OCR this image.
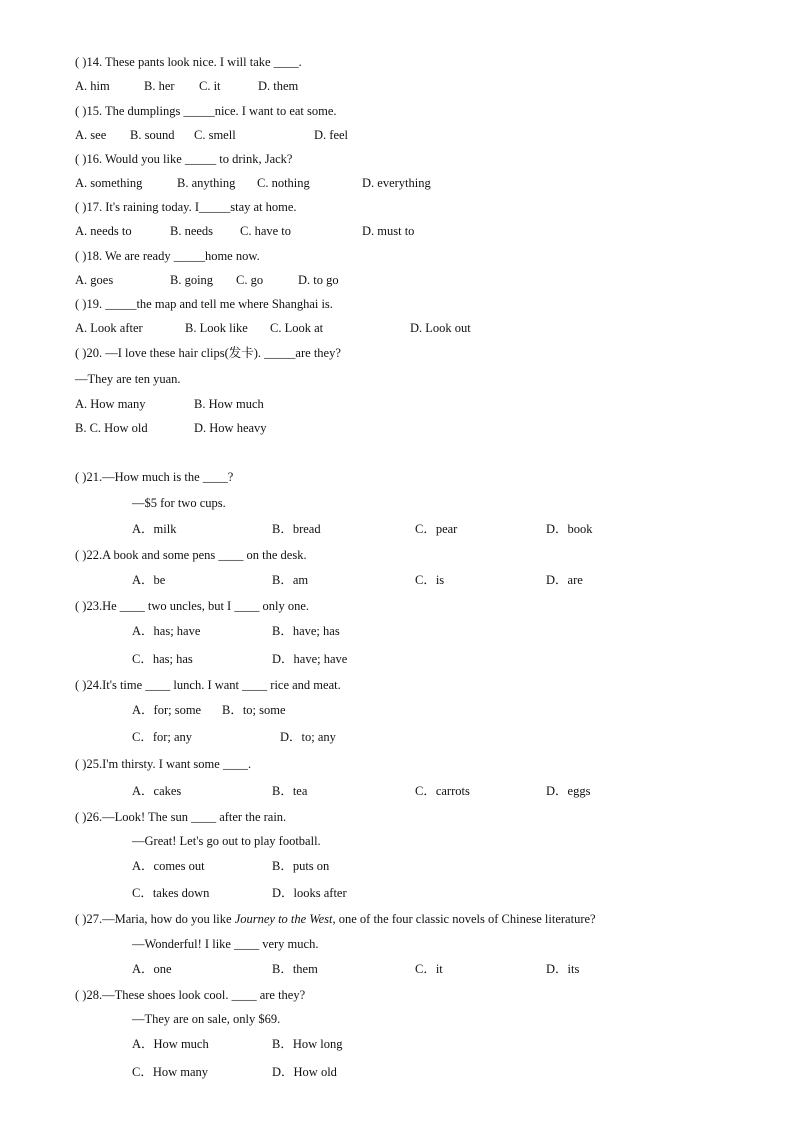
( )14. These pants look nice. I will take ____.
A. him	B. her C. it	D. them
( )15. The dumplings _____nice. I want to eat some.
A. see B. sound C. smell	D. feel
( )16. Would you like _____ to drink, Jack?
A. something	B. anything C. nothing	D. everything
( )17. It's raining today. I_____stay at home.
A. needs to	B. needs C. have to	D. must to
( )18. We are ready _____home now.
A. goes	B. going C. go	D. to go
( )19. _____the map and tell me where Shanghai is.
A. Look after	B. Look like C. Look at	D. Look out
( )20. —I love these hair clips(发卡). _____are they?
—They are ten yuan.
A. How many	B. How much
B. C. How old	D. How heavy
( )21.—How much is the ____?
—$5 for two cups.
A．milk	B．bread	C．pear	D．book
( )22.A book and some pens ____ on the desk.
A．be	B．am	C．is	D．are
( )23.He ____ two uncles, but I ____ only one.
A．has; have	B．have; has
C．has; has	D．have; have
( )24.It's time ____ lunch. I want ____ rice and meat.
A．for; some B．to; some
C．for; any	D．to; any
( )25.I'm thirsty. I want some ____.
A．cakes	B．tea	C．carrots	D．eggs
( )26.—Look! The sun ____ after the rain.
—Great! Let's go out to play football.
A．comes out	B．puts on
C．takes down	D．looks after
( )27.—Maria, how do you like Journey to the West, one of the four classic novels of Chinese literature?
—Wonderful! I like ____ very much.
A．one	B．them	C．it	D．its
( )28.—These shoes look cool. ____ are they?
—They are on sale, only $69.
A．How much	B．How long
C．How many	D．How old
